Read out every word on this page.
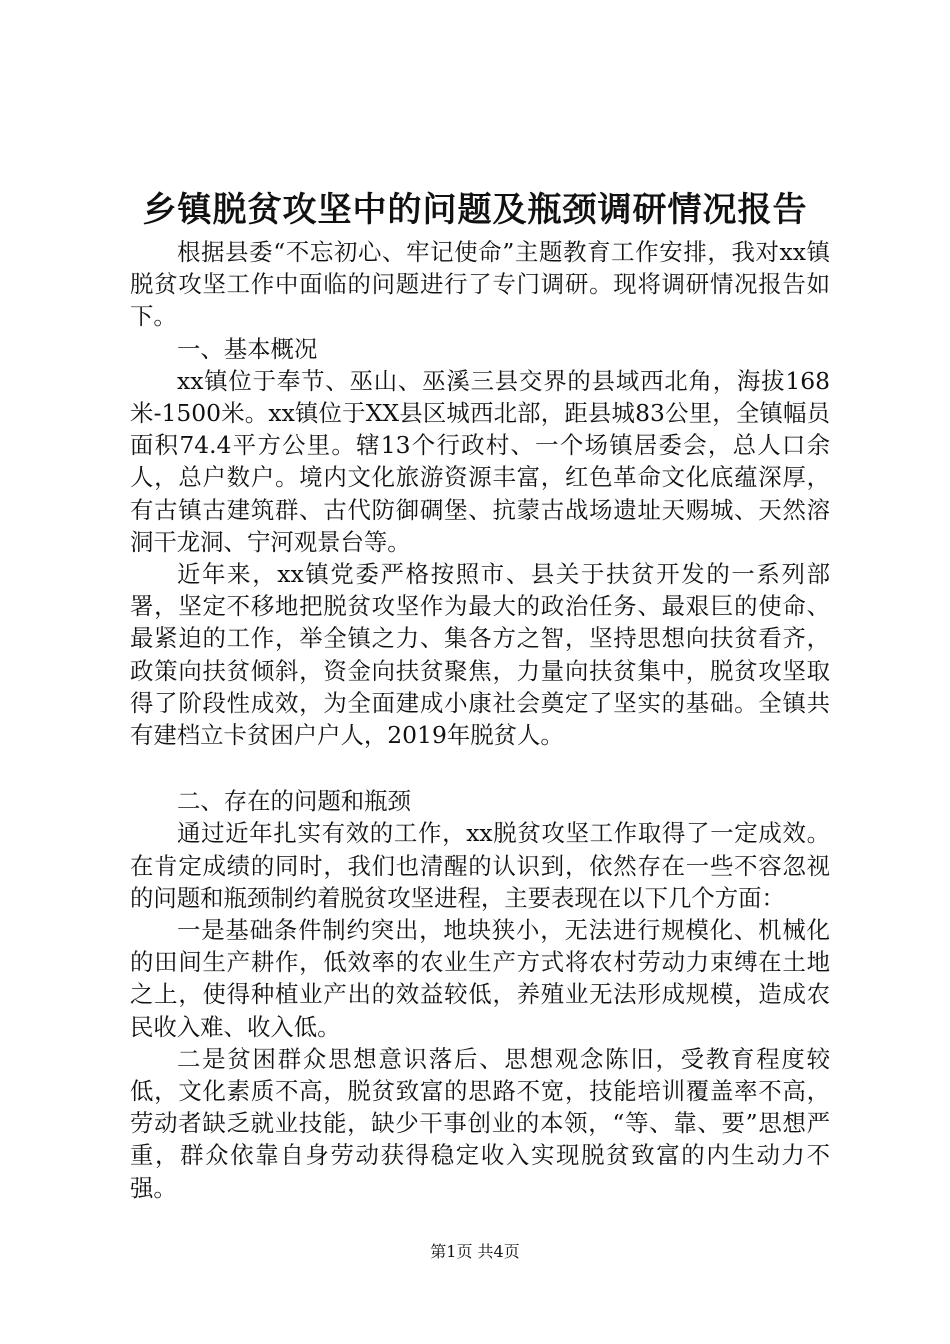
乡镇脱贫攻坚中的问题及瓶颈调研情况报告

根据县委“不忘初心、牢记使命”主题教育工作安排，我对xx镇脱贫攻坚工作中面临的问题进行了专门调研。现将调研情况报告如下。

一、基本概况

xx镇位于奉节、巫山、巫溪三县交界的县域西北角，海拔168米-1500米。xx镇位于XX县区城西北部，距县城83公里，全镇幅员面积74.4平方公里。辖13个行政村、一个场镇居委会，总人口余人，总户数户。境内文化旅游资源丰富，红色革命文化底蕴深厚，有古镇古建筑群、古代防御碉堡、抗蒙古战场遗址天赐城、天然溶洞干龙洞、宁河观景台等。

近年来，xx镇党委严格按照市、县关于扶贫开发的一系列部署，坚定不移地把脱贫攻坚作为最大的政治任务、最艰巨的使命、最紧迫的工作，举全镇之力、集各方之智，坚持思想向扶贫看齐，政策向扶贫倾斜，资金向扶贫聚焦，力量向扶贫集中，脱贫攻坚取得了阶段性成效，为全面建成小康社会奠定了坚实的基础。全镇共有建档立卡贫困户户人，2019年脱贫人。

二、存在的问题和瓶颈

通过近年扎实有效的工作，xx脱贫攻坚工作取得了一定成效。在肯定成绩的同时，我们也清醒的认识到，依然存在一些不容忽视的问题和瓶颈制约着脱贫攻坚进程，主要表现在以下几个方面：

一是基础条件制约突出，地块狭小，无法进行规模化、机械化的田间生产耕作，低效率的农业生产方式将农村劳动力束缚在土地之上，使得种植业产出的效益较低，养殖业无法形成规模，造成农民收入难、收入低。

二是贫困群众思想意识落后、思想观念陈旧，受教育程度较低，文化素质不高，脱贫致富的思路不宽，技能培训覆盖率不高，劳动者缺乏就业技能，缺少干事创业的本领，“等、靠、要”思想严重，群众依靠自身劳动获得稳定收入实现脱贫致富的内生动力不强。

第1页 共4页
